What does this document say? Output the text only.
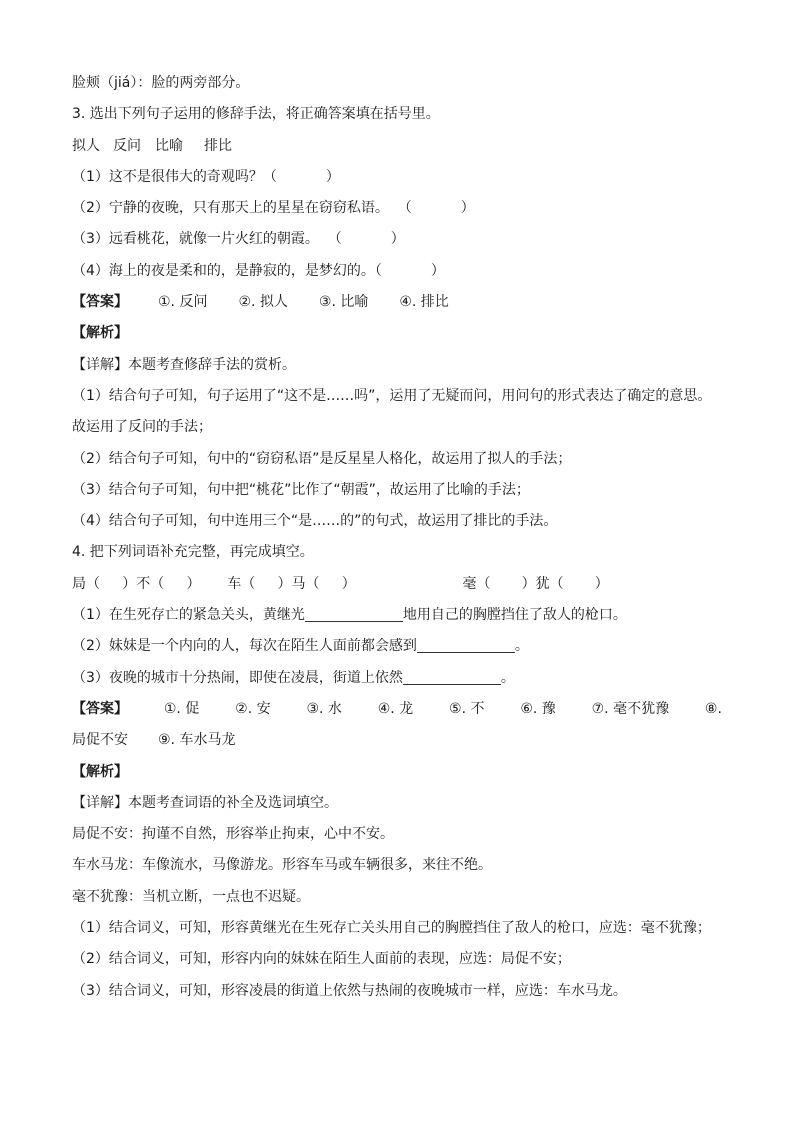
脸颊（jiá）：脸的两旁部分。
3. 选出下列句子运用的修辞手法，将正确答案填在括号里。
拟人 反问 比喻 排比
（1）这不是很伟大的奇观吗？（           ）
（2）宁静的夜晚，只有那天上的星星在窃窃私语。  （           ）
（3）远看桃花，就像一片火红的朝霞。  （           ）
（4）海上的夜是柔和的，是静寂的，是梦幻的。（           ）
【答案】 ①. 反问 ②. 拟人 ③. 比喻 ④. 排比
【解析】
【详解】本题考查修辞手法的赏析。
（1）结合句子可知，句子运用了“这不是……吗”，运用了无疑而问，用问句的形式表达了确定的意思。
故运用了反问的手法；
（2）结合句子可知，句中的“窃窃私语”是反星星人格化，故运用了拟人的手法；
（3）结合句子可知，句中把“桃花”比作了“朝霞”，故运用了比喻的手法；
（4）结合句子可知，句中连用三个“是……的”的句式，故运用了排比的手法。
4. 把下列词语补充完整，再完成填空。
局（     ）不（     ）      车（     ）马（     ）                        毫（       ）犹（       ）
（1）在生死存亡的紧急关头，黄继光	地用自己的胸膛挡住了敌人的枪口。
（2）妹妹是一个内向的人，每次在陌生人面前都会感到	。
（3）夜晚的城市十分热闹，即使在凌晨，街道上依然	。
【答案】	①. 促	②. 安	③. 水	④. 龙	⑤. 不	⑥. 豫	⑦. 毫不犹豫	⑧.
局促不安 ⑨. 车水马龙
【解析】
【详解】本题考查词语的补全及选词填空。
局促不安：拘谨不自然，形容举止拘束，心中不安。
车水马龙：车像流水，马像游龙。形容车马或车辆很多，来往不绝。
毫不犹豫：当机立断，一点也不迟疑。
（1）结合词义，可知，形容黄继光在生死存亡关头用自己的胸膛挡住了敌人的枪口，应选：毫不犹豫；
（2）结合词义，可知，形容内向的妹妹在陌生人面前的表现，应选：局促不安；
（3）结合词义，可知，形容凌晨的街道上依然与热闹的夜晚城市一样，应选：车水马龙。
